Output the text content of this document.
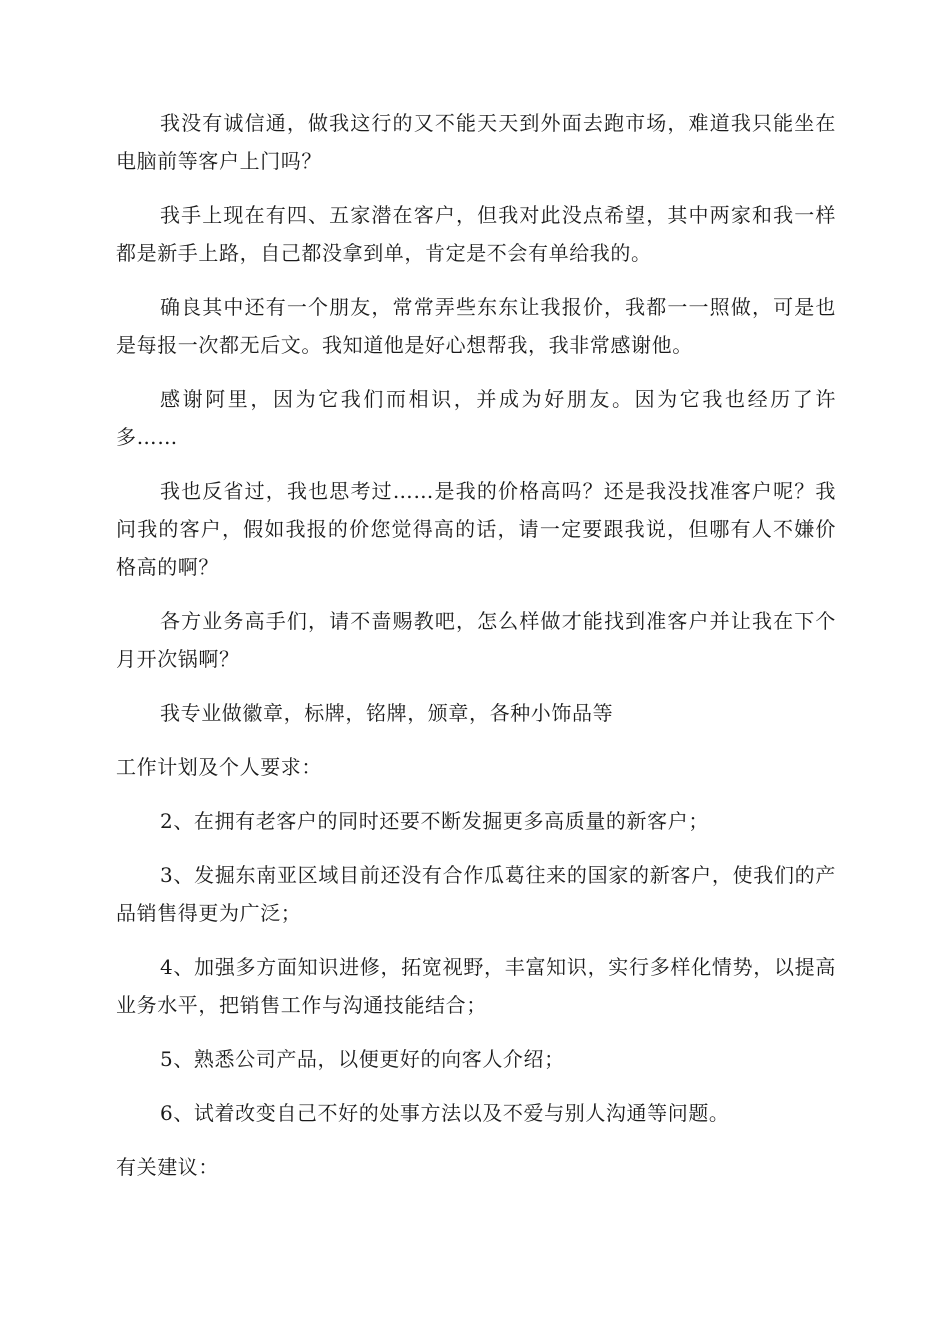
我没有诚信通，做我这行的又不能天天到外面去跑市场，难道我只能坐在电脑前等客户上门吗？

我手上现在有四、五家潜在客户，但我对此没点希望，其中两家和我一样都是新手上路，自己都没拿到单，肯定是不会有单给我的。

确良其中还有一个朋友，常常弄些东东让我报价，我都一一照做，可是也是每报一次都无后文。我知道他是好心想帮我，我非常感谢他。

感谢阿里，因为它我们而相识，并成为好朋友。因为它我也经历了许多……

我也反省过，我也思考过……是我的价格高吗？还是我没找准客户呢？我问我的客户，假如我报的价您觉得高的话，请一定要跟我说，但哪有人不嫌价格高的啊？

各方业务高手们，请不啬赐教吧，怎么样做才能找到准客户并让我在下个月开次锅啊？

我专业做徽章，标牌，铭牌，颁章，各种小饰品等

工作计划及个人要求：

2、在拥有老客户的同时还要不断发掘更多高质量的新客户；

3、发掘东南亚区域目前还没有合作瓜葛往来的国家的新客户，使我们的产品销售得更为广泛；

4、加强多方面知识进修，拓宽视野，丰富知识，实行多样化情势，以提高业务水平，把销售工作与沟通技能结合；

5、熟悉公司产品，以便更好的向客人介绍；

6、试着改变自己不好的处事方法以及不爱与别人沟通等问题。

有关建议：
